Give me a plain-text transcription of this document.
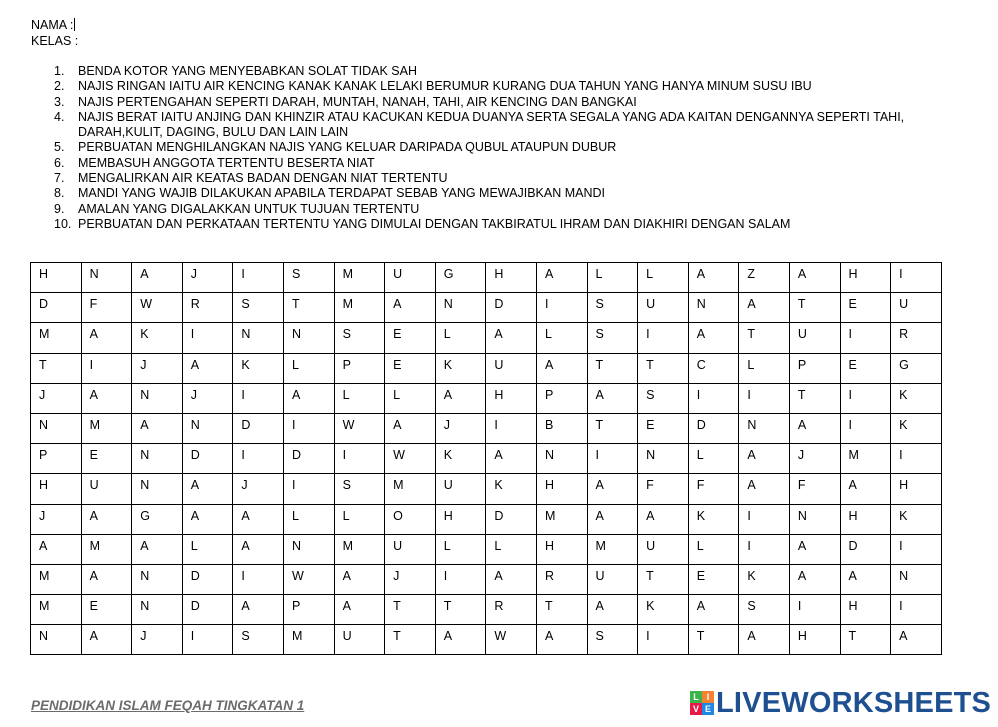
NAMA :
KELAS :
1.	BENDA KOTOR YANG MENYEBABKAN SOLAT TIDAK SAH
2.	NAJIS RINGAN IAITU AIR KENCING KANAK KANAK LELAKI BERUMUR KURANG DUA TAHUN YANG HANYA MINUM SUSU IBU
3.	NAJIS PERTENGAHAN SEPERTI DARAH, MUNTAH, NANAH, TAHI, AIR KENCING DAN BANGKAI
4.	NAJIS BERAT IAITU ANJING DAN KHINZIR ATAU KACUKAN KEDUA DUANYA SERTA SEGALA YANG ADA KAITAN DENGANNYA SEPERTI TAHI, DARAH,KULIT, DAGING, BULU DAN LAIN LAIN
5.	PERBUATAN MENGHILANGKAN NAJIS YANG KELUAR DARIPADA QUBUL ATAUPUN DUBUR
6.	MEMBASUH ANGGOTA TERTENTU BESERTA NIAT
7.	MENGALIRKAN AIR KEATAS BADAN DENGAN NIAT TERTENTU
8.	MANDI YANG WAJIB DILAKUKAN APABILA TERDAPAT SEBAB YANG MEWAJIBKAN MANDI
9.	AMALAN YANG DIGALAKKAN UNTUK TUJUAN TERTENTU
10. PERBUATAN DAN PERKATAAN TERTENTU YANG DIMULAI DENGAN TAKBIRATUL IHRAM DAN DIAKHIRI DENGAN SALAM
H	N	A	J	I	S	M	U	G	H	A	L	L	A	Z	A	H	I
D	F	W	R	S	T	M	A	N	D	I	S	U	N	A	T	E	U
M	A	K	I	N	N	S	E	L	A	L	S	I	A	T	U	I	R
T	I	J	A	K	L	P	E	K	U	A	T	T	C	L	P	E	G
J	A	N	J	I	A	L	L	A	H	P	A	S	I	I	T	I	K
N	M	A	N	D	I	W	A	J	I	B	T	E	D	N	A	I	K
P	E	N	D	I	D	I	W	K	A	N	I	N	L	A	J	M	I
H	U	N	A	J	I	S	M	U	K	H	A	F	F	A	F	A	H
J	A	G	A	A	L	L	O	H	D	M	A	A	K	I	N	H	K
A	M	A	L	A	N	M	U	L	L	H	M	U	L	I	A	D	I
M	A	N	D	I	W	A	J	I	A	R	U	T	E	K	A	A	N
M	E	N	D	A	P	A	T	T	R	T	A	K	A	S	I	H	I
N	A	J	I	S	M	U	T	A	W	A	S	I	T	A	H	T	A
PENDIDIKAN ISLAM FEQAH TINGKATAN 1
L I
V E LIVEWORKSHEETS
